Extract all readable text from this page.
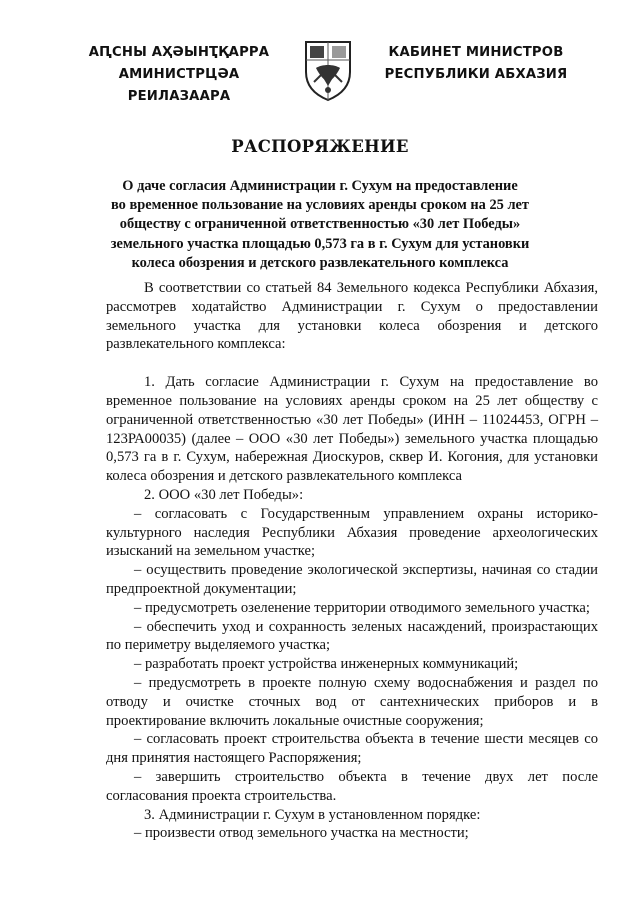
АԤСНЫ АҲӘЫНҬҚАРРА
АМИНИСТРЦӘА РЕИЛАЗААРА
КАБИНЕТ МИНИСТРОВ
РЕСПУБЛИКИ АБХАЗИЯ
РАСПОРЯЖЕНИЕ
О даче согласия Администрации г. Сухум на предоставление
во временное пользование на условиях аренды сроком на 25 лет
обществу с ограниченной ответственностью «30 лет Победы»
земельного участка площадью 0,573 га в г. Сухум для установки
колеса обозрения и детского развлекательного комплекса

В соответствии со статьей 84 Земельного кодекса Республики Абхазия, рассмотрев ходатайство Администрации г. Сухум о предоставлении земельного участка для установки колеса обозрения и детского развлекательного комплекса:

1. Дать согласие Администрации г. Сухум на предоставление во временное пользование на условиях аренды сроком на 25 лет обществу с ограниченной ответственностью «30 лет Победы» (ИНН – 11024453, ОГРН – 123РА00035) (далее – ООО «30 лет Победы») земельного участка площадью 0,573 га в г. Сухум, набережная Диоскуров, сквер И. Когония, для установки колеса обозрения и детского развлекательного комплекса

2. ООО «30 лет Победы»:

– согласовать с Государственным управлением охраны историко-культурного наследия Республики Абхазия проведение археологических изысканий на земельном участке;

– осуществить проведение экологической экспертизы, начиная со стадии предпроектной документации;

– предусмотреть озеленение территории отводимого земельного участка;

– обеспечить уход и сохранность зеленых насаждений, произрастающих по периметру выделяемого участка;

– разработать проект устройства инженерных коммуникаций;

– предусмотреть в проекте полную схему водоснабжения и раздел по отводу и очистке сточных вод от сантехнических приборов и в проектирование включить локальные очистные сооружения;

– согласовать проект строительства объекта в течение шести месяцев со дня принятия настоящего Распоряжения;

– завершить строительство объекта в течение двух лет после согласования проекта строительства.

3. Администрации г. Сухум в установленном порядке:

– произвести отвод земельного участка на местности;
